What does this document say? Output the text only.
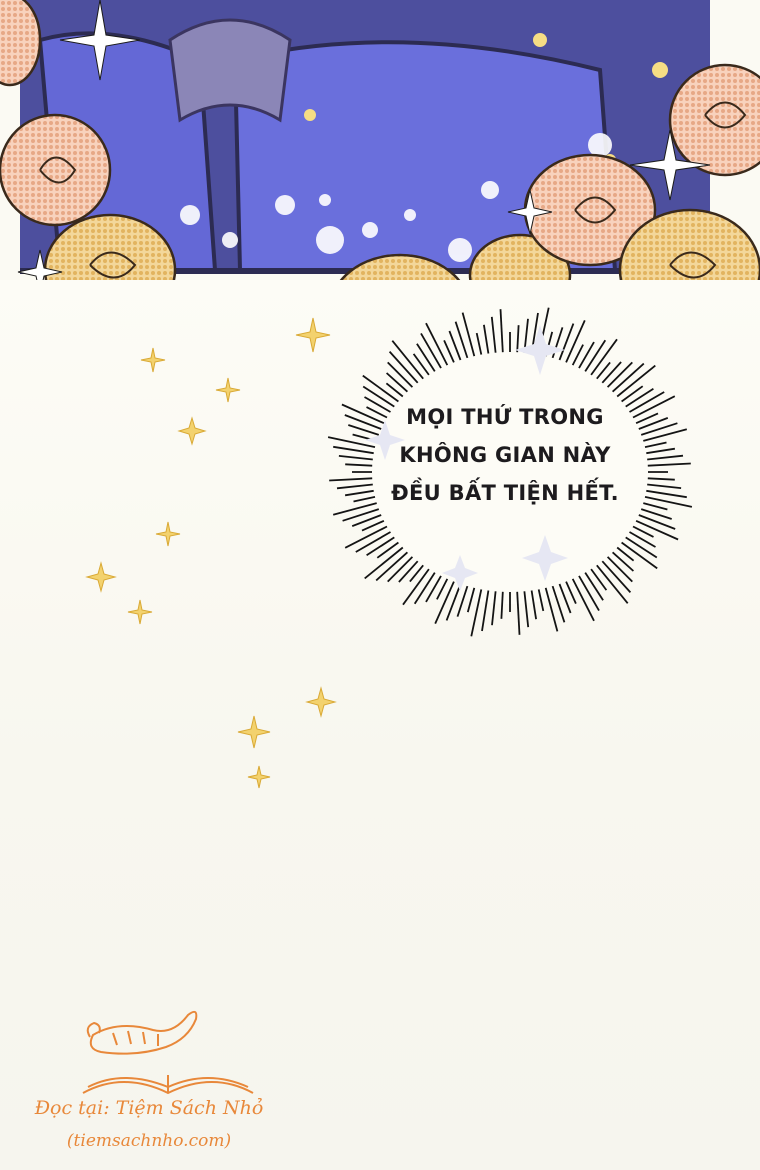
MỌI THỨ TRONG
KHÔNG GIAN NÀY
ĐỀU BẤT TIỆN HẾT.
Đọc tại: Tiệm Sách Nhỏ
(tiemsachnho.com)
